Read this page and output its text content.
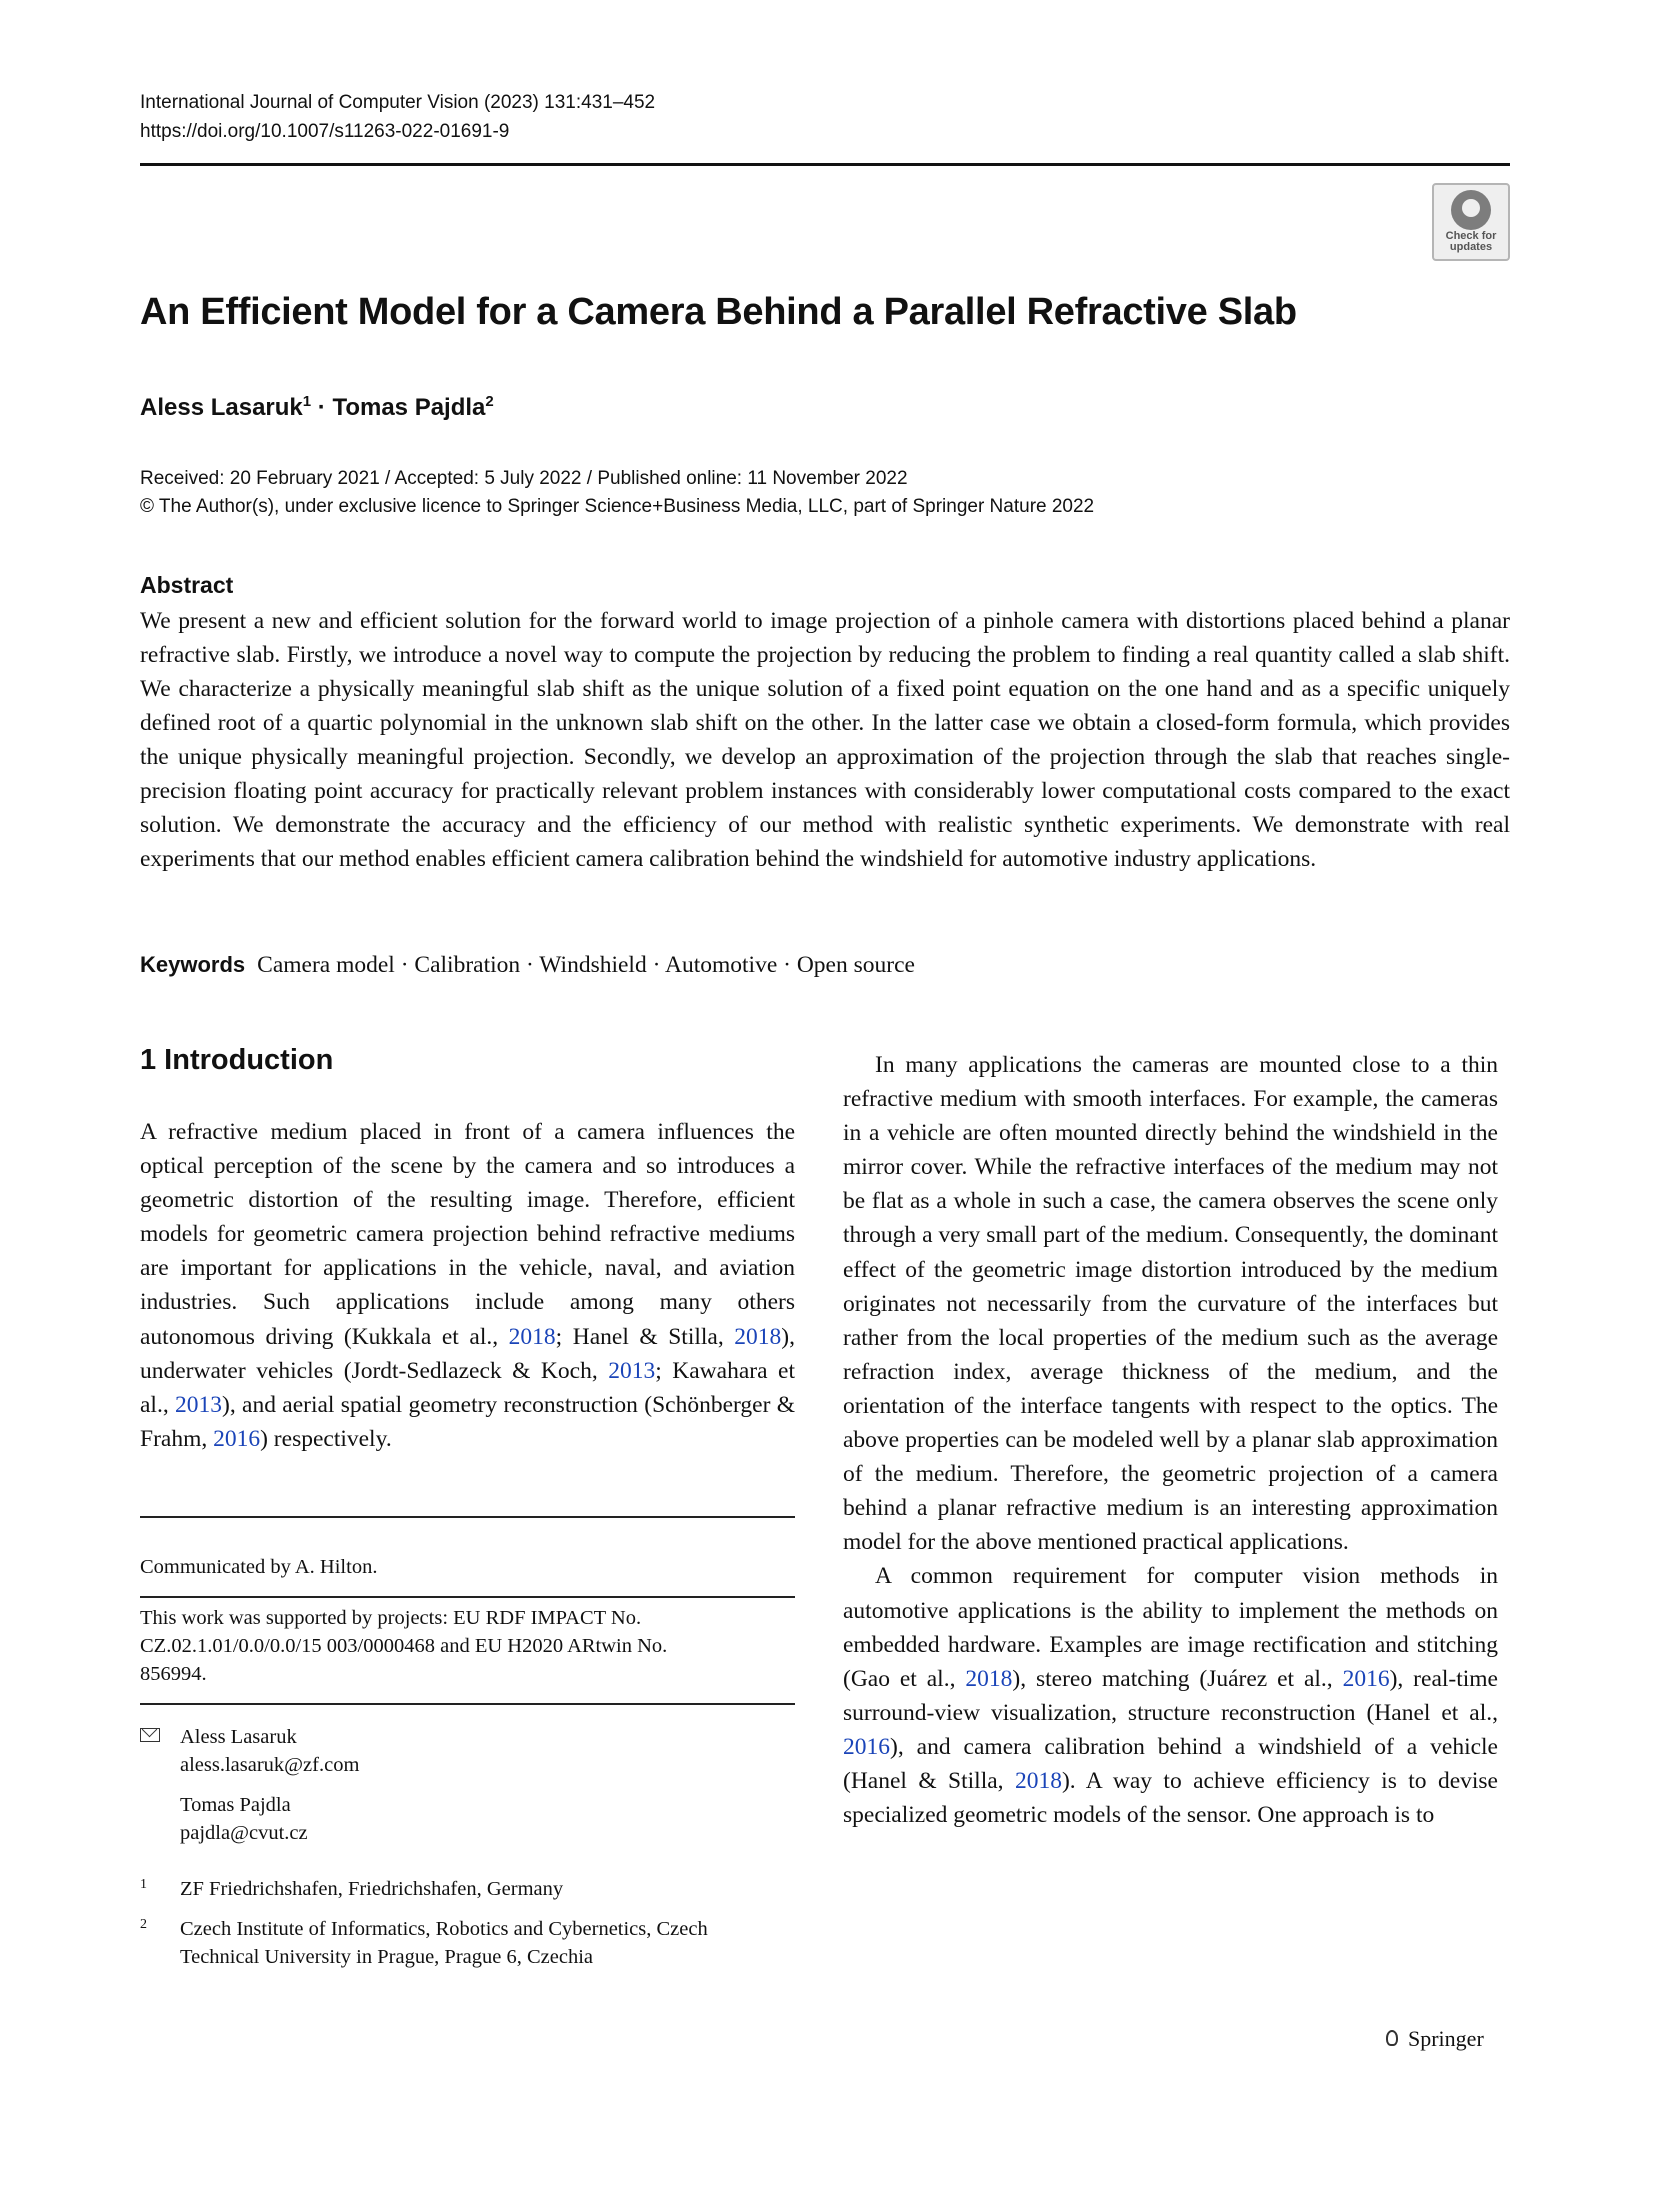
International Journal of Computer Vision (2023) 131:431–452
https://doi.org/10.1007/s11263-022-01691-9
Check for
updates
An Efficient Model for a Camera Behind a Parallel Refractive Slab
Aless Lasaruk$^1$ · Tomas Pajdla$^2$
Received: 20 February 2021 / Accepted: 5 July 2022 / Published online: 11 November 2022
© The Author(s), under exclusive licence to Springer Science+Business Media, LLC, part of Springer Nature 2022
Abstract
We present a new and efficient solution for the forward world to image projection of a pinhole camera with distortions placed behind a planar refractive slab. Firstly, we introduce a novel way to compute the projection by reducing the problem to finding a real quantity called a slab shift. We characterize a physically meaningful slab shift as the unique solution of a fixed point equation on the one hand and as a specific uniquely defined root of a quartic polynomial in the unknown slab shift on the other. In the latter case we obtain a closed-form formula, which provides the unique physically meaningful projection. Secondly, we develop an approximation of the projection through the slab that reaches single-precision floating point accuracy for practically relevant problem instances with considerably lower computational costs compared to the exact solution. We demonstrate the accuracy and the efficiency of our method with realistic synthetic experiments. We demonstrate with real experiments that our method enables efficient camera calibration behind the windshield for automotive industry applications.
Keywords Camera model · Calibration · Windshield · Automotive · Open source
1 Introduction

A refractive medium placed in front of a camera influences the optical perception of the scene by the camera and so introduces a geometric distortion of the resulting image. Therefore, efficient models for geometric camera projection behind refractive mediums are important for applications in the vehicle, naval, and aviation industries. Such applications include among many others autonomous driving (Kukkala et al., 2018; Hanel & Stilla, 2018), underwater vehicles (Jordt-Sedlazeck & Koch, 2013; Kawahara et al., 2013), and aerial spatial geometry reconstruction (Schönberger & Frahm, 2016) respectively.

Communicated by A. Hilton.
This work was supported by projects: EU RDF IMPACT No. CZ.02.1.01/0.0/0.0/15 003/0000468 and EU H2020 ARtwin No. 856994.
Aless Lasaruk
aless.lasaruk@zf.com
Tomas Pajdla
pajdla@cvut.cz
1 ZF Friedrichshafen, Friedrichshafen, Germany
2 Czech Institute of Informatics, Robotics and Cybernetics, Czech Technical University in Prague, Prague 6, Czechia

In many applications the cameras are mounted close to a thin refractive medium with smooth interfaces. For example, the cameras in a vehicle are often mounted directly behind the windshield in the mirror cover. While the refractive interfaces of the medium may not be flat as a whole in such a case, the camera observes the scene only through a very small part of the medium. Consequently, the dominant effect of the geometric image distortion introduced by the medium originates not necessarily from the curvature of the interfaces but rather from the local properties of the medium such as the average refraction index, average thickness of the medium, and the orientation of the interface tangents with respect to the optics. The above properties can be modeled well by a planar slab approximation of the medium. Therefore, the geometric projection of a camera behind a planar refractive medium is an interesting approximation model for the above mentioned practical applications.

A common requirement for computer vision methods in automotive applications is the ability to implement the methods on embedded hardware. Examples are image rectification and stitching (Gao et al., 2018), stereo matching (Juárez et al., 2016), real-time surround-view visualization, structure reconstruction (Hanel et al., 2016), and camera calibration behind a windshield of a vehicle (Hanel & Stilla, 2018). A way to achieve efficiency is to devise specialized geometric models of the sensor. One approach is to

Springer
